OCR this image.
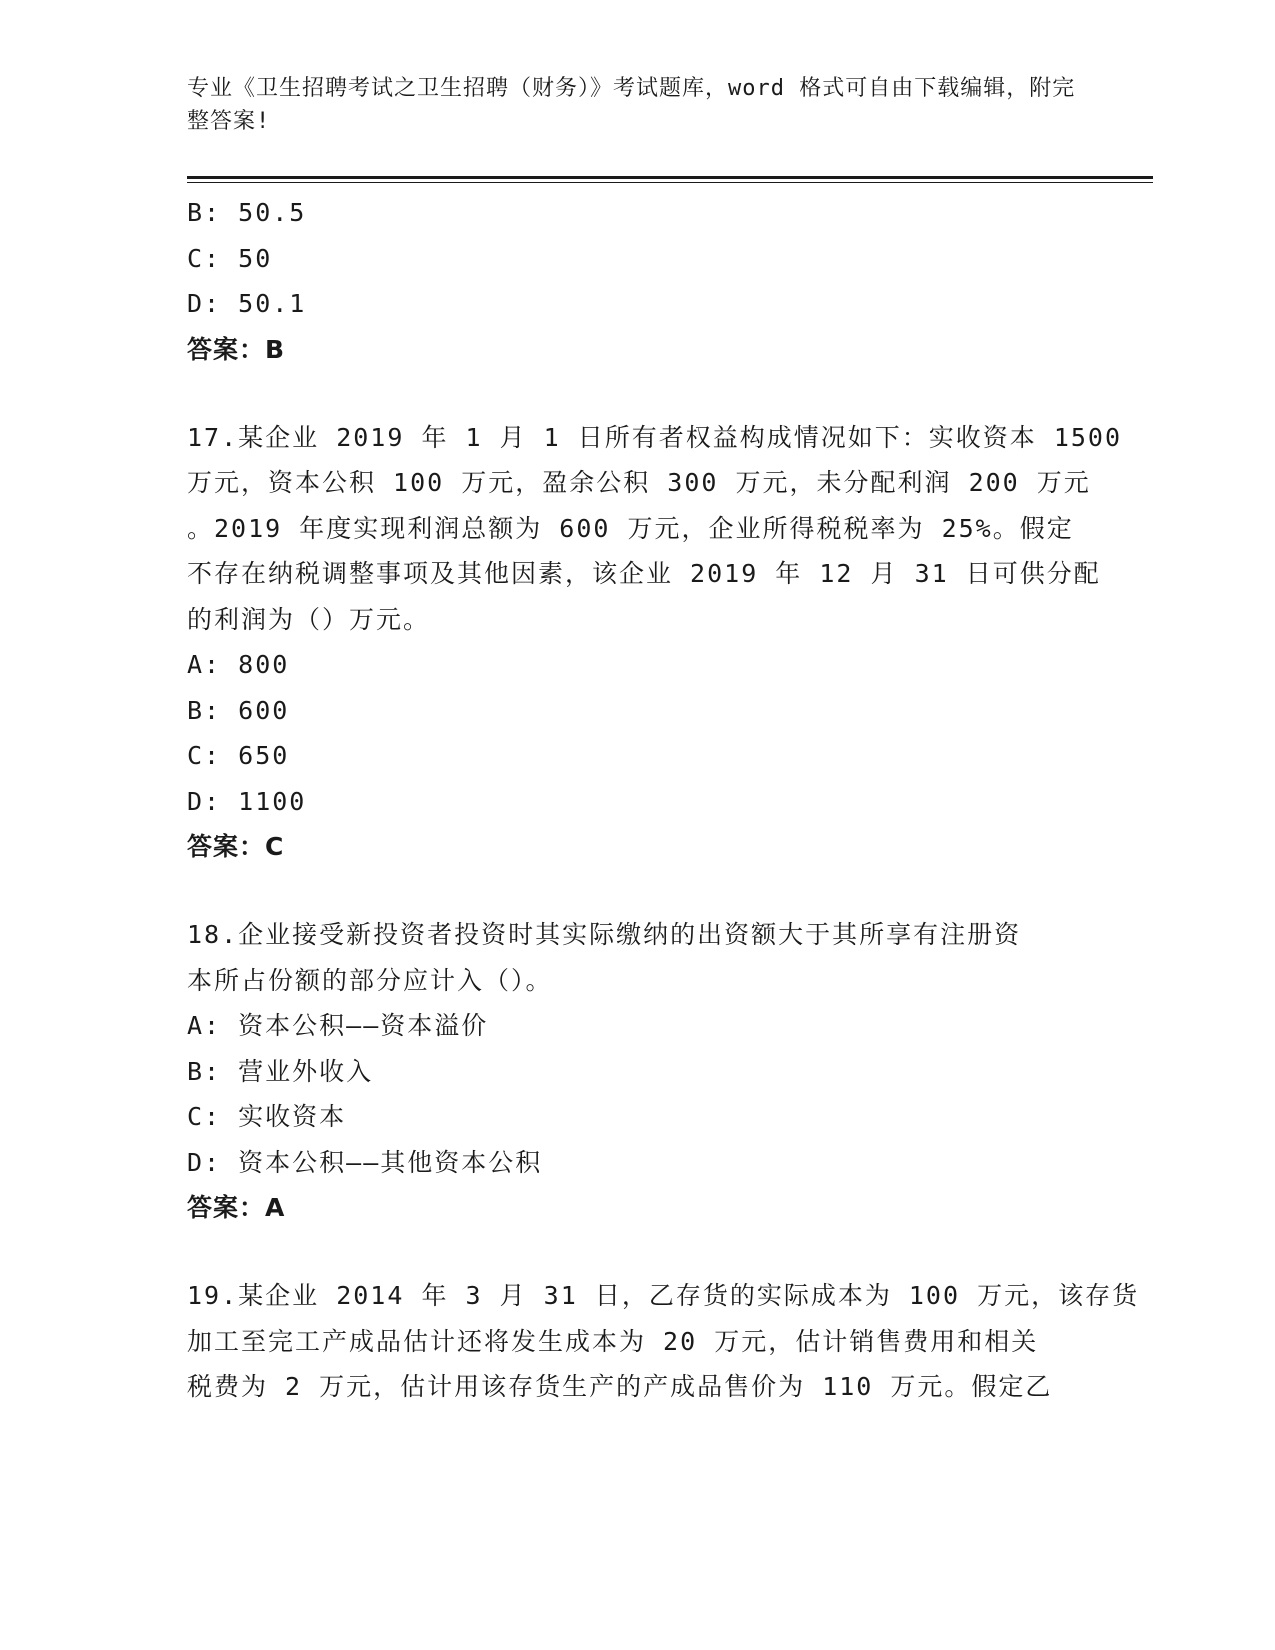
专业《卫生招聘考试之卫生招聘（财务）》考试题库，word 格式可自由下载编辑，附完整答案!
B: 50.5
C: 50
D: 50.1
答案：B
17.某企业 2019 年 1 月 1 日所有者权益构成情况如下：实收资本 1500
万元，资本公积 100 万元，盈余公积 300 万元，未分配利润 200 万元
。2019 年度实现利润总额为 600 万元，企业所得税税率为 25%。假定
不存在纳税调整事项及其他因素，该企业 2019 年 12 月 31 日可供分配
的利润为（）万元。
A: 800
B: 600
C: 650
D: 1100
答案：C
18.企业接受新投资者投资时其实际缴纳的出资额大于其所享有注册资
本所占份额的部分应计入（）。
A: 资本公积——资本溢价
B: 营业外收入
C: 实收资本
D: 资本公积——其他资本公积
答案：A
19.某企业 2014 年 3 月 31 日，乙存货的实际成本为 100 万元，该存货
加工至完工产成品估计还将发生成本为 20 万元，估计销售费用和相关
税费为 2 万元，估计用该存货生产的产成品售价为 110 万元。假定乙
